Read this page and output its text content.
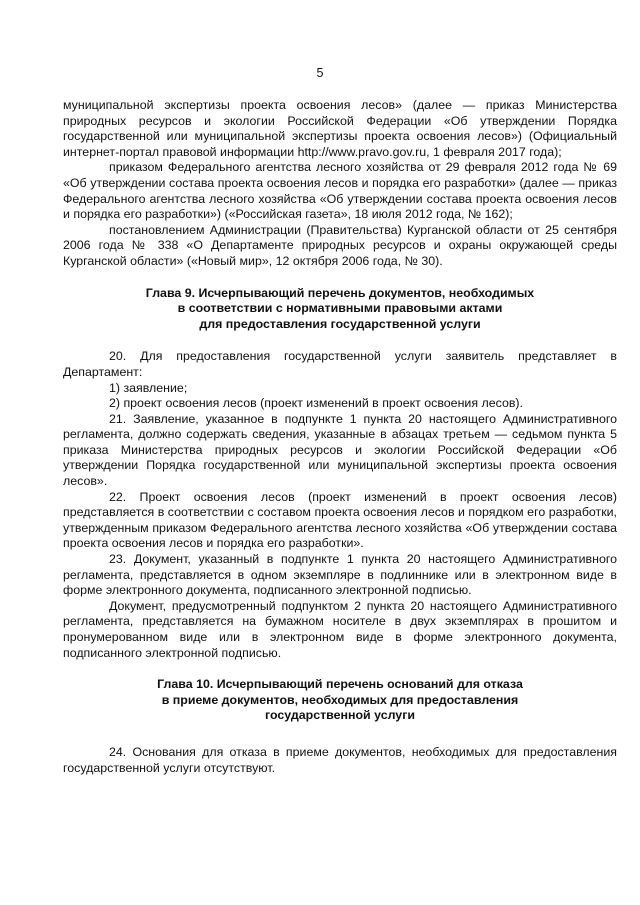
5

муниципальной экспертизы проекта освоения лесов» (далее — приказ Министерства природных ресурсов и экологии Российской Федерации «Об утверждении Порядка государственной или муниципальной экспертизы проекта освоения лесов») (Официальный интернет-портал правовой информации http://www.pravo.gov.ru, 1 февраля 2017 года);

приказом Федерального агентства лесного хозяйства от 29 февраля 2012 года № 69 «Об утверждении состава проекта освоения лесов и порядка его разработки» (далее — приказ Федерального агентства лесного хозяйства «Об утверждении состава проекта освоения лесов и порядка его разработки») («Российская газета», 18 июля 2012 года, № 162);

постановлением Администрации (Правительства) Курганской области от 25 сентября 2006 года № 338 «О Департаменте природных ресурсов и охраны окружающей среды Курганской области» («Новый мир», 12 октября 2006 года, № 30).

Глава 9. Исчерпывающий перечень документов, необходимых

в соответствии с нормативными правовыми актами

для предоставления государственной услуги

20. Для предоставления государственной услуги заявитель представляет в Департамент:

1) заявление;

2) проект освоения лесов (проект изменений в проект освоения лесов).

21. Заявление, указанное в подпункте 1 пункта 20 настоящего Административного регламента, должно содержать сведения, указанные в абзацах третьем — седьмом пункта 5 приказа Министерства природных ресурсов и экологии Российской Федерации «Об утверждении Порядка государственной или муниципальной экспертизы проекта освоения лесов».

22. Проект освоения лесов (проект изменений в проект освоения лесов) представляется в соответствии с составом проекта освоения лесов и порядком его разработки, утвержденным приказом Федерального агентства лесного хозяйства «Об утверждении состава проекта освоения лесов и порядка его разработки».

23. Документ, указанный в подпункте 1 пункта 20 настоящего Административного регламента, представляется в одном экземпляре в подлиннике или в электронном виде в форме электронного документа, подписанного электронной подписью.

Документ, предусмотренный подпунктом 2 пункта 20 настоящего Административного регламента, представляется на бумажном носителе в двух экземплярах в прошитом и пронумерованном виде или в электронном виде в форме электронного документа, подписанного электронной подписью.

Глава 10. Исчерпывающий перечень оснований для отказа

в приеме документов, необходимых для предоставления

государственной услуги

24. Основания для отказа в приеме документов, необходимых для предоставления государственной услуги отсутствуют.
